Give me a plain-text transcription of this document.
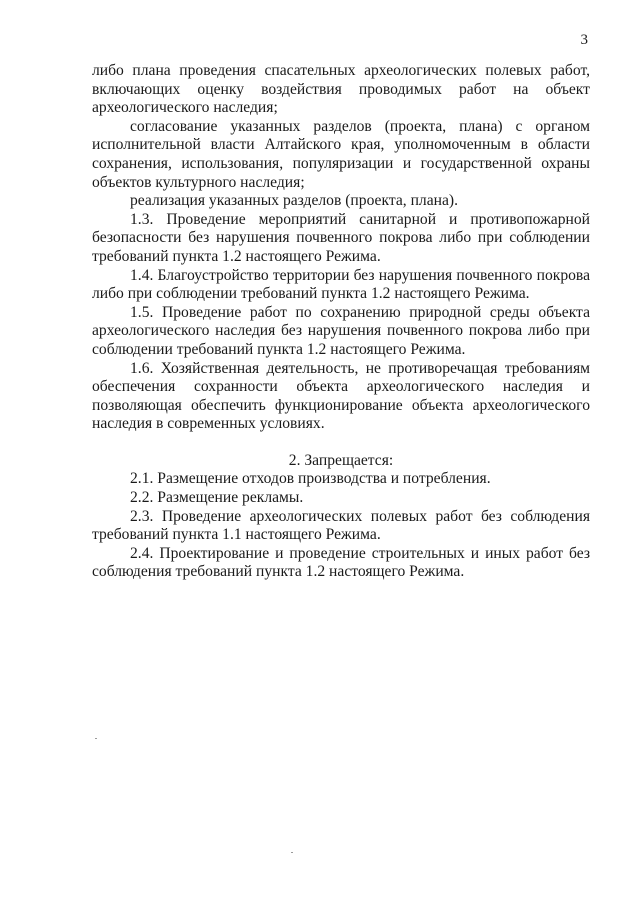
3

либо плана проведения спасательных археологических полевых работ, включающих оценку воздействия проводимых работ на объект археологического наследия;

согласование указанных разделов (проекта, плана) с органом исполнительной власти Алтайского края, уполномоченным в области сохранения, использования, популяризации и государственной охраны объектов культурного наследия;

реализация указанных разделов (проекта, плана).

1.3. Проведение мероприятий санитарной и противопожарной безопасности без нарушения почвенного покрова либо при соблюдении требований пункта 1.2 настоящего Режима.

1.4. Благоустройство территории без нарушения почвенного покрова либо при соблюдении требований пункта 1.2 настоящего Режима.

1.5. Проведение работ по сохранению природной среды объекта археологического наследия без нарушения почвенного покрова либо при соблюдении требований пункта 1.2 настоящего Режима.

1.6. Хозяйственная деятельность, не противоречащая требованиям обеспечения сохранности объекта археологического наследия и позволяющая обеспечить функционирование объекта археологического наследия в современных условиях.

2. Запрещается:

2.1. Размещение отходов производства и потребления.

2.2. Размещение рекламы.

2.3. Проведение археологических полевых работ без соблюдения требований пункта 1.1 настоящего Режима.

2.4. Проектирование и проведение строительных и иных работ без соблюдения требований пункта 1.2 настоящего Режима.
